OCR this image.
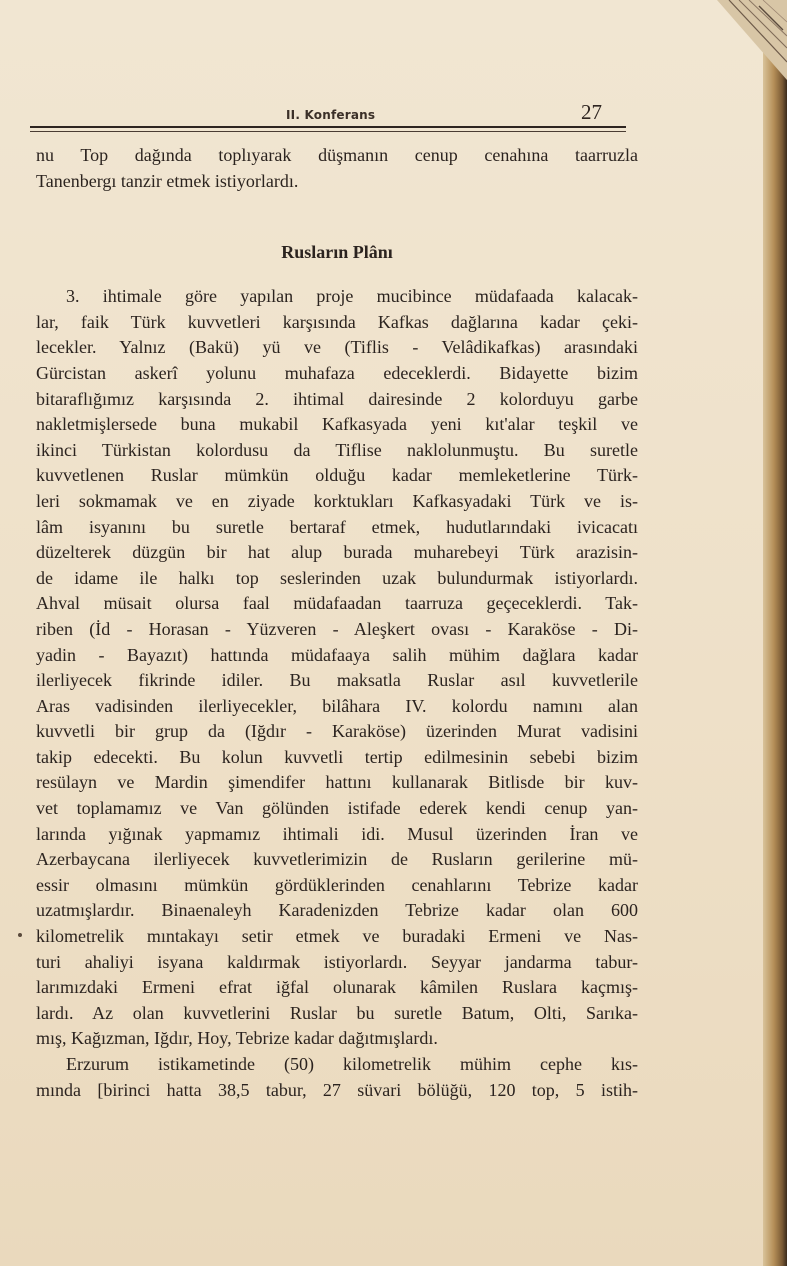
II. Konferans	27
nu Top dağında toplıyarak düşmanın cenup cenahına taarruzla
Tanenbergı tanzir etmek istiyorlardı.
Rusların Plânı
3. ihtimale göre yapılan proje mucibince müdafaada kalacak-
lar, faik Türk kuvvetleri karşısında Kafkas dağlarına kadar çeki-
lecekler. Yalnız (Bakü) yü ve (Tiflis - Velâdikafkas) arasındaki
Gürcistan askerî yolunu muhafaza edeceklerdi. Bidayette bizim
bitaraflığımız karşısında 2. ihtimal dairesinde 2 kolorduyu garbe
nakletmişlersede buna mukabil Kafkasyada yeni kıt'alar teşkil ve
ikinci Türkistan kolordusu da Tiflise naklolunmuştu. Bu suretle
kuvvetlenen Ruslar mümkün olduğu kadar memleketlerine Türk-
leri sokmamak ve en ziyade korktukları Kafkasyadaki Türk ve is-
lâm isyanını bu suretle bertaraf etmek, hudutlarındaki ivicacatı
düzelterek düzgün bir hat alup burada muharebeyi Türk arazisin-
de idame ile halkı top seslerinden uzak bulundurmak istiyorlardı.
Ahval müsait olursa faal müdafaadan taarruza geçeceklerdi. Tak-
riben (İd - Horasan - Yüzveren - Aleşkert ovası - Karaköse - Di-
yadin - Bayazıt) hattında müdafaaya salih mühim dağlara kadar
ilerliyecek fikrinde idiler. Bu maksatla Ruslar asıl kuvvetlerile
Aras vadisinden ilerliyecekler, bilâhara IV. kolordu namını alan
kuvvetli bir grup da (Iğdır - Karaköse) üzerinden Murat vadisini
takip edecekti. Bu kolun kuvvetli tertip edilmesinin sebebi bizim
resülayn ve Mardin şimendifer hattını kullanarak Bitlisde bir kuv-
vet toplamamız ve Van gölünden istifade ederek kendi cenup yan-
larında yığınak yapmamız ihtimali idi. Musul üzerinden İran ve
Azerbaycana ilerliyecek kuvvetlerimizin de Rusların gerilerine mü-
essir olmasını mümkün gördüklerinden cenahlarını Tebrize kadar
uzatmışlardır. Binaenaleyh Karadenizden Tebrize kadar olan 600
kilometrelik mıntakayı setir etmek ve buradaki Ermeni ve Nas-
turi ahaliyi isyana kaldırmak istiyorlardı. Seyyar jandarma tabur-
larımızdaki Ermeni efrat iğfal olunarak kâmilen Ruslara kaçmış-
lardı. Az olan kuvvetlerini Ruslar bu suretle Batum, Olti, Sarıka-
mış, Kağızman, Iğdır, Hoy, Tebrize kadar dağıtmışlardı.
Erzurum istikametinde (50) kilometrelik mühim cephe kıs-
mında [birinci hatta 38,5 tabur, 27 süvari bölüğü, 120 top, 5 istih-
